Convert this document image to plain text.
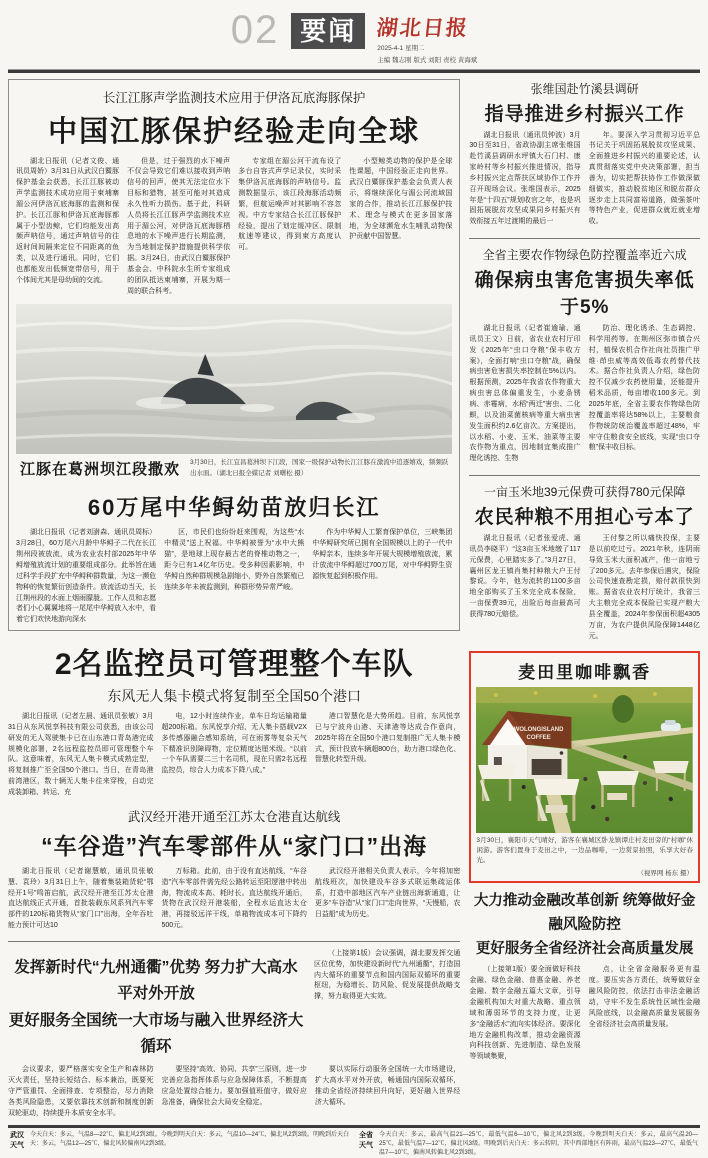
02 要闻 湖北日报
2025-4-1 星期二
主编 魏志刚 版式 刘阳 责校 黄海斌
长江江豚声学监测技术应用于伊洛瓦底海豚保护
中国江豚保护经验走向全球

湖北日报讯（记者文俊、通讯员周娇）3月31日从武汉白鱀豚保护基金会获悉，长江江豚被动声学监测技术成功应用于柬埔寨湄公河伊洛瓦底海豚的监测和保护。长江江豚和伊洛瓦底海豚都属于小型齿鲸，它们均能发出高频声呐信号，通过声呐信号的往返时间间隔来定位不同距离的鱼类，以及进行通讯。同时，它们也都能发出低频宽带信号，用于个体间尤其是母幼间的交流。

但是，过于强烈的水下噪声不仅会导致它们难以接收到声呐信号的回声，使其无法定位水下目标和猎物，甚至可能对其造成永久性听力损伤。基于此，科研人员将长江江豚声学监测技术应用于湄公河，对伊洛瓦底海豚栖息地的水下噪声进行长期监测，为当地制定保护措施提供科学依据。3月24日，由武汉白鱀豚保护基金会、中科院水生所专家组成的团队抵达柬埔寨，开展为期一周的联合科考。

专家组在湄公河干流布设了多台自容式声学记录仪，实时采集伊洛瓦底海豚的声呐信号。监测数据显示，该江段海豚活动频繁，但航运噪声对其影响不容忽视。中方专家结合长江江豚保护经验，提出了划定缓冲区、限制航速等建议，得到柬方高度认可。

小型鲸类动物的保护是全球性课题，中国经验正走向世界。武汉白鱀豚保护基金会负责人表示，将继续深化与湄公河流域国家的合作，推动长江江豚保护技术、理念与模式在更多国家落地，为全球濒危水生哺乳动物保护贡献中国智慧。

江豚在葛洲坝江段撒欢 3月30日，长江宜昌葛洲坝下江段，国家一级保护动物长江江豚在激流中追逐嬉戏，频频跃出水面。（湖北日报全媒记者 刘曙松 摄）
60万尾中华鲟幼苗放归长江

湖北日报讯（记者刘澍森、通讯员周标）3月28日，60万尾六月龄中华鲟子二代在长江荆州段被放流，成为农业农村部2025年中华鲟增殖放流计划的重要组成部分。此举旨在通过科学手段扩充中华鲟种群数量，为这一濒危物种的恢复繁衍创造条件。放流活动当天，长江荆州段的水面上烟雨朦胧。工作人员和志愿者们小心翼翼地将一尾尾中华鲟放入水中，看着它们欢快地游向深水

区，市民们也纷纷赶来围观，为这些“水中精灵”送上祝福。中华鲟被誉为“水中大熊猫”，是地球上现存最古老的脊椎动物之一，距今已有1.4亿年历史。受多种因素影响，中华鲟自然种群规模急剧缩小，野外自然繁殖已连续多年未被监测到，种群形势异常严峻。

作为中华鲟人工繁育保护单位，三峡集团中华鲟研究所已拥有全国规模以上的子一代中华鲟亲本，连续多年开展大规模增殖放流，累计放流中华鲟超过700万尾，对中华鲟野生资源恢复起到积极作用。

2名监控员可管理整个车队
东风无人集卡模式将复制至全国50个港口

湖北日报讯（记者左晨、通讯员张敏）3月31日从东风悦享科技有限公司获悉，由该公司研发的无人驾驶集卡已在山东港口青岛港完成规模化部署，2名远程监控员即可管理整个车队。这意味着，东风无人集卡模式成熟定型，将复制推广至全国50个港口。当日，在青岛港前湾港区，数十辆无人集卡往来穿梭，自动完成装卸箱、转运、充

电，12小时连续作业，单车日均运输箱量超200标箱。东风悦享介绍，无人集卡搭载V2X多传感器融合感知系统，可在雨雾等复杂天气下精准识别障碍物，定位精度达厘米级。“以前一个车队需要二三十名司机，现在只需2名远程监控员，综合人力成本下降八成。”

港口智慧化是大势所趋。目前，东风悦享已与宁波舟山港、天津港等达成合作意向，2025年将在全国50个港口复制推广无人集卡模式，预计投放车辆超800台，助力港口绿色化、智慧化转型升级。

武汉经开港开通至江苏太仓港直达航线
“车谷造”汽车零部件从“家门口”出海

湖北日报讯（记者谢慧敏，通讯员张敏慧、袁玲）3月31日上午，随着集装箱货轮“鄂经开1号”鸣笛启航，武汉经开港至江苏太仓港直达航线正式开通，首批装载东风系列汽车零部件的120标箱货物从“家门口”出海，全年吞吐能力预计可达10

万标箱。此前，由于没有直达航线，“车谷造”汽车零部件需先经公路转运至阳逻港中转出海，物流成本高、耗时长。直达航线开通后，货物在武汉经开港装船，全程水运直达太仓港，再接驳远洋干线，单箱物流成本可下降约500元。

武汉经开港相关负责人表示，今年将加密航线班次，加快建设车谷多式联运集疏运体系，打造中部地区汽车产业链出海新通道，让更多“车谷造”从“家门口”走向世界，“天慢船，农日益船”成为历史。

发挥新时代“九州通衢”优势 努力扩大高水平对外开放
更好服务全国统一大市场与融入世界经济大循环

（上接第1版）会议强调，湖北要发挥交通区位优势，加快建设新时代“九州通衢”，打造国内大循环的重要节点和国内国际双循环的重要枢纽，为稳增长、防风险、促发展提供战略支撑，努力取得更大实效。

会议要求，要严格落实安全生产和森林防灭火责任，坚持长短结合、标本兼治，既要死守严管重罚、全面排查、专项整治，尽力消除各类风险隐患，又要依靠技术创新和制度创新双轮驱动，持续提升本质安全水平。

要坚持“高效、协同、共享”三原则，进一步完善应急指挥体系与应急保障体系，不断提高应急处置综合能力。要加强值班值守，做好应急准备，确保社会大局安全稳定。

要以实际行动服务全国统一大市场建设，扩大高水平对外开放，畅通国内国际双循环，推动全省经济持续回升向好，更好融入世界经济大循环。

张维国赴竹溪县调研
指导推进乡村振兴工作

湖北日报讯（通讯员钟波）3月30日至31日，省政协副主席张维国赴竹溪县调研水坪镇大石门村、康家岭村等乡村振兴推进情况，指导乡村振兴定点帮扶区域协作工作并召开现场会议。张维国表示，2025年是“十四五”规划收官之年，也是巩固拓展脱贫攻坚成果同乡村振兴有效衔接五年过渡期的最后一

年。要深入学习贯彻习近平总书记关于巩固拓展脱贫攻坚成果、全面推进乡村振兴的重要论述，认真贯彻落实党中央决策部署，担当善为，切实把帮扶协作工作做深做细做实，推动脱贫地区和脱贫群众逐步走上共同富裕道路，做强茶叶等特色产业，促进群众就近就业增收。

全省主要农作物绿色防控覆盖率近六成
确保病虫害危害损失率低于5%

湖北日报讯（记者崔逾瑜、通讯员王文）日前，省农业农村厅印发《2025年“虫口夺粮”保丰收方案》，全面打响“虫口夺粮”战，确保病虫害危害损失率控制在5%以内。根据预测，2025年我省农作物重大病虫害总体偏重发生，小麦条锈病、赤霉病，水稻“两迁”害虫、二化螟，以及油菜菌核病等重大病虫害发生面积约2.6亿亩次。方案提出，以水稻、小麦、玉米、油菜等主要农作物为重点，因地制宜集成推广理化诱控、生物

防治、理化诱杀、生态调控、科学用药等。在荆州区弥市镇合兴村，植保农机合作社向社员推广甲维·茚虫威等高效低毒农药替代技术。据合作社负责人介绍，绿色防控不仅减少农药使用量，还能提升稻米品质，每亩增收100多元。到2025年底，全省主要农作物绿色防控覆盖率将达58%以上，主要粮食作物统防统治覆盖率超过48%，牢牢守住粮食安全底线，实现“虫口夺粮”保丰收目标。

一亩玉米地39元保费可获得780元保障
农民种粮不用担心亏本了

湖北日报讯（记者张爱虎、通讯员李晓平）“这3亩玉米地缴了117元保费，心里踏实多了。”3月27日，襄州区龙王镇肖集村种粮大户王付黎说。今年，他为流转的1100多亩地全部购买了玉米完全成本保险，一亩保费39元，出险后每亩最高可获得780元赔偿。

王付黎之所以痛快投保，主要是以前吃过亏。2021年秋，连阴雨导致玉米大面积减产，他一亩地亏了200多元。去年参保后遇灾，保险公司快速查勘定损，赔付款很快到账。据省农业农村厅统计，我省三大主粮完全成本保险已实现产粮大县全覆盖，2024年参保面积超4305万亩，为农户提供风险保障1448亿元。

麦田里咖啡飘香
WOLONGISLAND
COFFEE
3月30日，襄阳市天气晴好，游客在襄城区卧龙镇谭庄村麦田旁的“村咖”休闲游。游客们置身于麦田之中，一边品咖啡，一边赏景拍照，乐享大好春光。
（视界网 杨东 摄）
大力推动金融改革创新 统筹做好金融风险防控
更好服务全省经济社会高质量发展

（上接第1版）要全面做好科技金融、绿色金融、普惠金融、养老金融、数字金融五篇大文章，引导金融机构加大对重大战略、重点领域和薄弱环节的支持力度，让更多“金融活水”流向实体经济。要深化地方金融机构改革，推动金融资源向科技创新、先进制造、绿色发展等领域集聚，

点，让全省金融服务更有温度。要压实各方责任，统筹做好金融风险防控，依法打击非法金融活动，守牢不发生系统性区域性金融风险底线，以金融高质量发展服务全省经济社会高质量发展。

武汉天气
今天白天：多云，气温8—22℃，偏北风2到3级。今晚到明天白天：多云，气温10—24℃，偏北风2到3级。明晚到后天白天：多云，气温12—25℃，偏北风转偏南风2到3级。
全省天气
今天白天：多云，最高气温21—25℃，最低气温6—10℃，偏北风2到3级。今晚到明天白天：多云，最高气温20—25℃，最低气温7—12℃，偏北风3级。明晚到后天白天：多云转阴，其中西部地区有阵雨，最高气温23—27℃，最低气温7—10℃，偏南风转偏北风2到3级。
